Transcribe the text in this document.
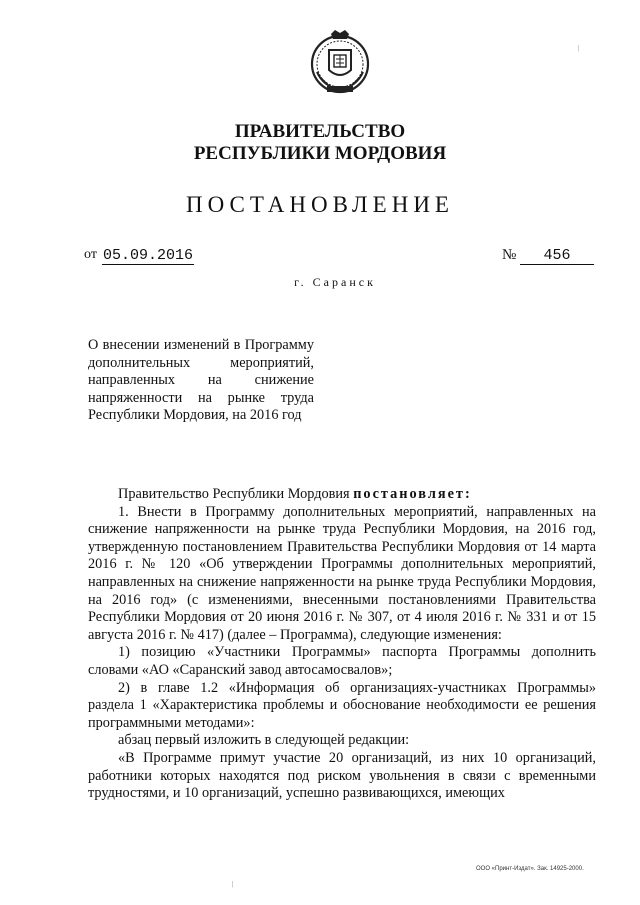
ПРАВИТЕЛЬСТВО
РЕСПУБЛИКИ МОРДОВИЯ
ПОСТАНОВЛЕНИЕ
от 05.09.2016	№	456
г. Саранск
О внесении изменений в Программу дополнительных мероприятий, направленных на снижение напряженности на рынке труда Республики Мордовия, на 2016 год

Правительство Республики Мордовия постановляет:

1. Внести в Программу дополнительных мероприятий, направленных на снижение напряженности на рынке труда Республики Мордовия, на 2016 год, утвержденную постановлением Правительства Республики Мордовия от 14 марта 2016 г. № 120 «Об утверждении Программы дополнительных мероприятий, направленных на снижение напряженности на рынке труда Республики Мордовия, на 2016 год» (с изменениями, внесенными постановлениями Правительства Республики Мордовия от 20 июня 2016 г. № 307, от 4 июля 2016 г. № 331 и от 15 августа 2016 г. № 417) (далее – Программа), следующие изменения:

1) позицию «Участники Программы» паспорта Программы дополнить словами «АО «Саранский завод автосамосвалов»;

2) в главе 1.2 «Информация об организациях-участниках Программы» раздела 1 «Характеристика проблемы и обоснование необходимости ее решения программными методами»:

абзац первый изложить в следующей редакции:

«В Программе примут участие 20 организаций, из них 10 организаций, работники которых находятся под риском увольнения в связи с временными трудностями, и 10 организаций, успешно развивающихся, имеющих

ООО «Принт-Издат». Зак. 14925-2000.
|
|
